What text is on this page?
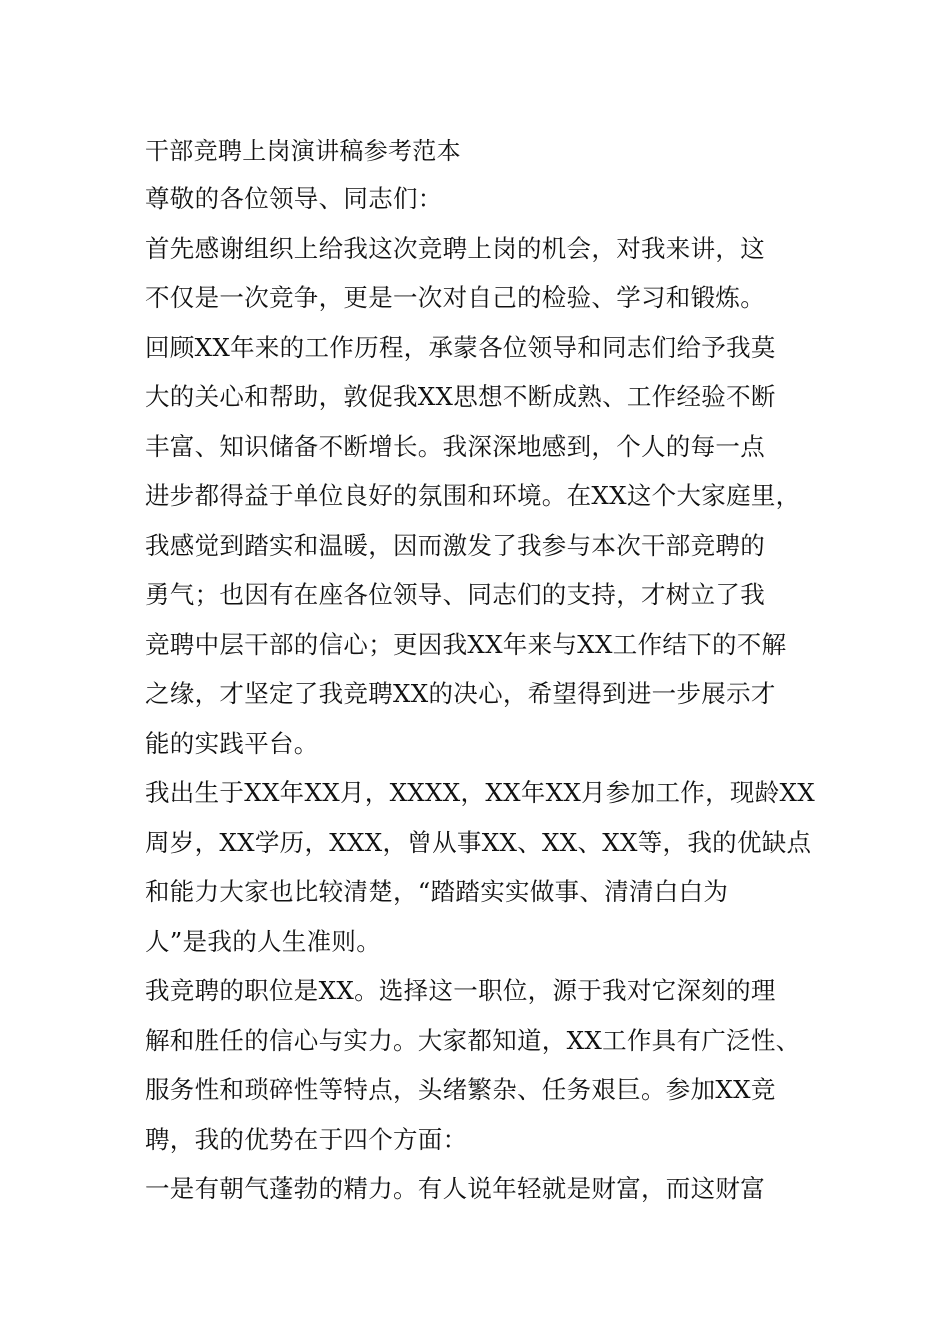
干部竞聘上岗演讲稿参考范本

尊敬的各位领导、同志们：

首先感谢组织上给我这次竞聘上岗的机会，对我来讲，这

不仅是一次竞争，更是一次对自己的检验、学习和锻炼。

回顾XX年来的工作历程，承蒙各位领导和同志们给予我莫

大的关心和帮助，敦促我XX思想不断成熟、工作经验不断

丰富、知识储备不断增长。我深深地感到，个人的每一点

进步都得益于单位良好的氛围和环境。在XX这个大家庭里，

我感觉到踏实和温暖，因而激发了我参与本次干部竞聘的

勇气；也因有在座各位领导、同志们的支持，才树立了我

竞聘中层干部的信心；更因我XX年来与XX工作结下的不解

之缘，才坚定了我竞聘XX的决心，希望得到进一步展示才

能的实践平台。

我出生于XX年XX月，XXXX，XX年XX月参加工作，现龄XX

周岁，XX学历，XXX，曾从事XX、XX、XX等，我的优缺点

和能力大家也比较清楚，“踏踏实实做事、清清白白为

人”是我的人生准则。

我竞聘的职位是XX。选择这一职位，源于我对它深刻的理

解和胜任的信心与实力。大家都知道，XX工作具有广泛性、

服务性和琐碎性等特点，头绪繁杂、任务艰巨。参加XX竞

聘，我的优势在于四个方面：

一是有朝气蓬勃的精力。有人说年轻就是财富，而这财富
